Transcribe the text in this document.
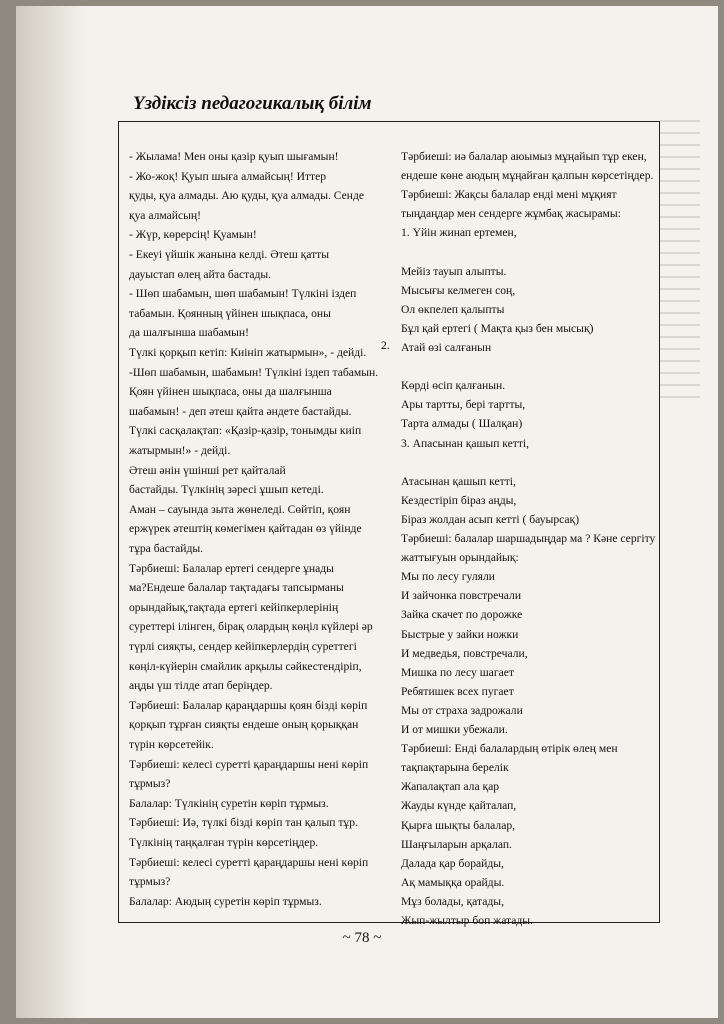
Үздіксіз педагогикалық білім
- Жылама! Мен оны қазір қуып шығамын!
- Жо-жоқ! Қуып шыға алмайсың! Иттер
қуды, қуа алмады. Аю қуды, қуа алмады. Сенде
қуа алмайсың!
- Жүр, көрерсің! Қуамын!
- Екеуі үйшік жанына келді. Әтеш қатты
дауыстап өлең айта бастады.
- Шөп шабамын, шөп шабамын! Түлкіні іздеп
табамын. Қоянның үйінен шықпаса, оны
да шалғынша шабамын!
Түлкі қорқып кетіп: Киініп жатырмын», - дейді.
-Шөп шабамын, шабамын! Түлкіні іздеп табамын.
Қоян үйінен шықпаса, оны да шалғынша
шабамын! - деп әтеш қайта әндете бастайды.
Түлкі сасқалақтап: «Қазір-қазір, тонымды киіп
жатырмын!» - дейді.
Әтеш әнін үшінші рет қайталай
бастайды. Түлкінің зәресі ұшып кетеді.
Аман – сауында зыта жөнеледі. Сөйтіп, қоян
ержүрек әтештің көмегімен қайтадан өз үйінде
тұра бастайды.
Тәрбиеші: Балалар ертегі сендерге ұнады
ма?Ендеше балалар тақтадағы тапсырманы
орындайық,тақтада ертегі кейіпкерлерінің
суреттері ілінген, бірақ олардың көңіл күйлері әр
түрлі сияқты, сендер кейіпкерлердің суреттегі
көңіл-күйерін смайлик арқылы сәйкестендіріп,
аңды үш тілде атап беріңдер.
Тәрбиеші: Балалар қараңдаршы қоян бізді көріп
қорқып тұрған сияқты ендеше оның қорыққан
түрін көрсетейік.
Тәрбиеші: келесі суретті қараңдаршы нені көріп
тұрмыз?
Балалар: Түлкінің суретін көріп тұрмыз.
Тәрбиеші: Иә, түлкі бізді көріп тан қалып тұр.
Түлкінің таңқалған түрін көрсетіңдер.
Тәрбиеші: келесі суретті қараңдаршы нені көріп
тұрмыз?
Балалар: Аюдың суретін көріп тұрмыз.
Тәрбиеші: иә балалар аюымыз мұңайып тұр екен,
ендеше көне аюдың мұңайған қалпын көрсетіңдер.
Тәрбиеші: Жақсы балалар енді мені мұқият
тыңдаңдар мен сендерге жұмбақ жасырамы:
1. Үйін жинап ертемен,
Мейіз тауып алыпты.
Мысығы келмеген соң,
Ол өкпелеп қалыпты
Бұл қай ертегі ( Мақта қыз бен мысық)
Атай өзі салғанын
Көрді өсіп қалғанын.
Ары тартты, бері тартты,
Тарта алмады ( Шалқан)
3. Апасынан қашып кетті,
Атасынан қашып кетті,
Кездестіріп біраз аңды,
Біраз жолдан асып кетті ( бауырсақ)
Тәрбиеші: балалар шаршадыңдар ма ? Кәне сергіту
жаттығуын орындайық:
Мы по лесу гуляли
И зайчонка повстречали
Зайка скачет по дорожке
Быстрые у зайки ножки
И медведья, повстречали,
Мишка по лесу шагает
Ребятишек всех пугает
Мы от страха задрожали
И от мишки убежали.
Тәрбиеші: Енді балалардың өтірік өлең мен
тақпақтарына берелік
Жапалақтап ала қар
Жауды күнде қайталап,
Қырға шықты балалар,
Шаңғыларын арқалап.
Далада қар борайды,
Ақ мамыққа орайды.
Мұз болады, қатады,
Жып-жылтыр боп жатады.
2.
~ 78 ~
